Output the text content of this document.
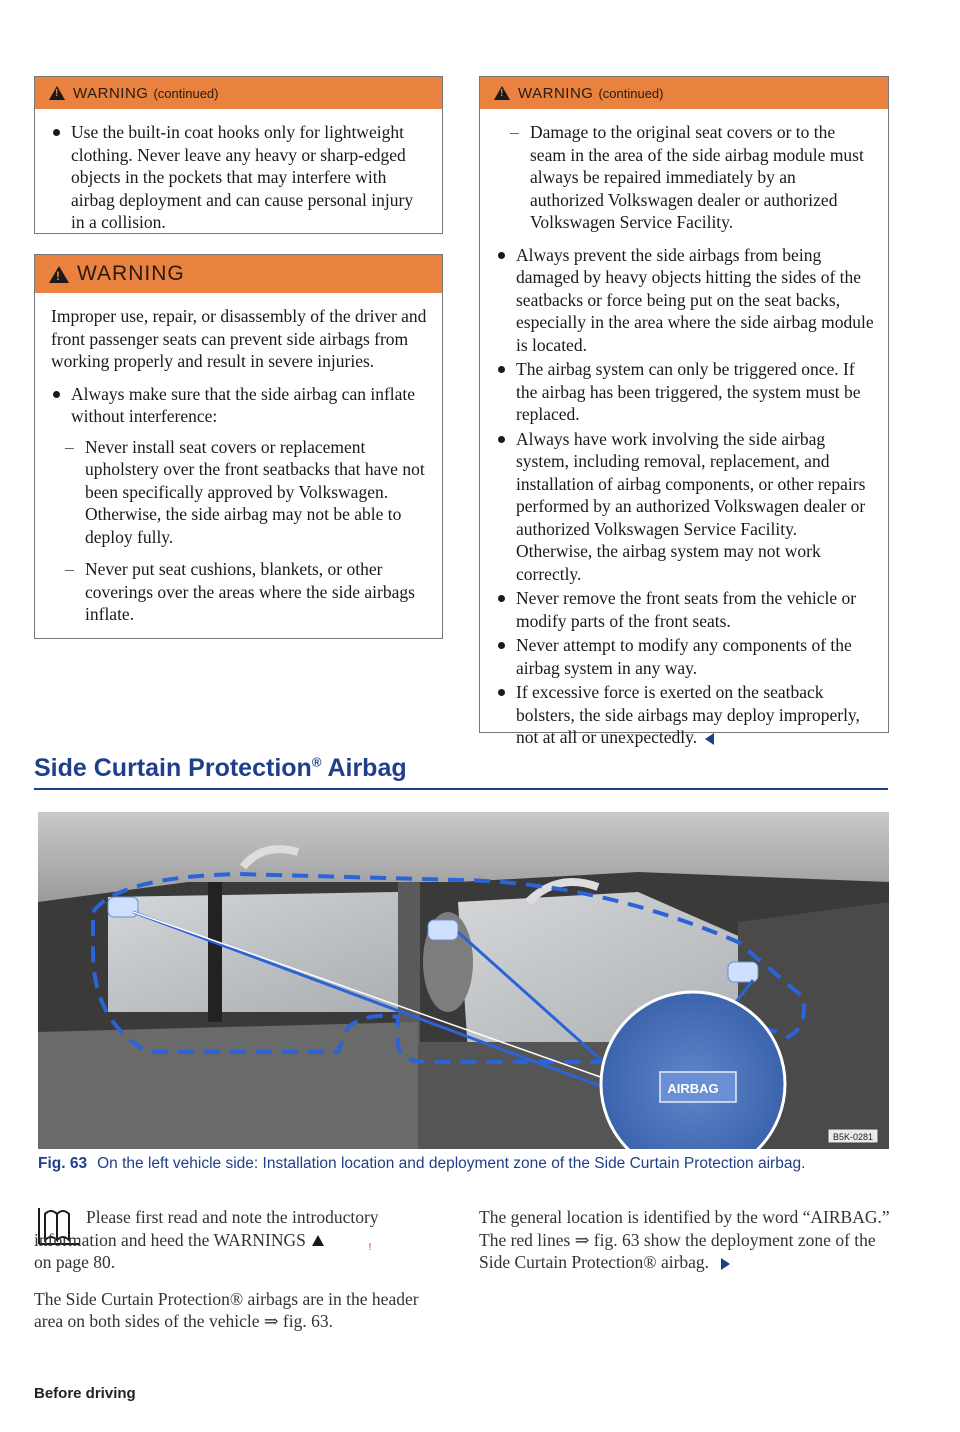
!
WARNING (continued)
Use the built-in coat hooks only for lightweight clothing. Never leave any heavy or sharp-edged objects in the pockets that may interfere with airbag deployment and can cause personal injury in a collision.
!
WARNING

Improper use, repair, or disassembly of the driver and front passenger seats can prevent side airbags from working properly and result in severe injuries.

Always make sure that the side airbag can inflate without interference:
– Never install seat covers or replacement upholstery over the front seatbacks that have not been specifically approved by Volkswagen. Otherwise, the side airbag may not be able to deploy fully.
– Never put seat cushions, blankets, or other coverings over the areas where the side airbags inflate.
!
WARNING (continued)
– Damage to the original seat covers or to the seam in the area of the side airbag module must always be repaired immediately by an authorized Volkswagen dealer or authorized Volkswagen Service Facility.
Always prevent the side airbags from being damaged by heavy objects hitting the sides of the seatbacks or force being put on the seat backs, especially in the area where the side airbag module is located.
The airbag system can only be triggered once. If the airbag has been triggered, the system must be replaced.
Always have work involving the side airbag system, including removal, replacement, and installation of airbag components, or other repairs performed by an authorized Volkswagen dealer or authorized Volkswagen Service Facility. Otherwise, the airbag system may not work correctly.
Never remove the front seats from the vehicle or modify parts of the front seats.
Never attempt to modify any components of the airbag system in any way.
If excessive force is exerted on the seatback bolsters, the side airbags may deploy improperly, not at all or unexpectedly.
Side Curtain Protection® Airbag
AIRBAG
B5K-0281
Fig. 63 On the left vehicle side: Installation location and deployment zone of the Side Curtain Protection airbag.

Please first read and note the introductory information and heed the WARNINGS !
on page 80.

The Side Curtain Protection® airbags are in the header area on both sides of the vehicle ⇒ fig. 63.

The general location is identified by the word “AIRBAG.” The red lines ⇒ fig. 63 show the deployment zone of the Side Curtain Protection® airbag.

Before driving
